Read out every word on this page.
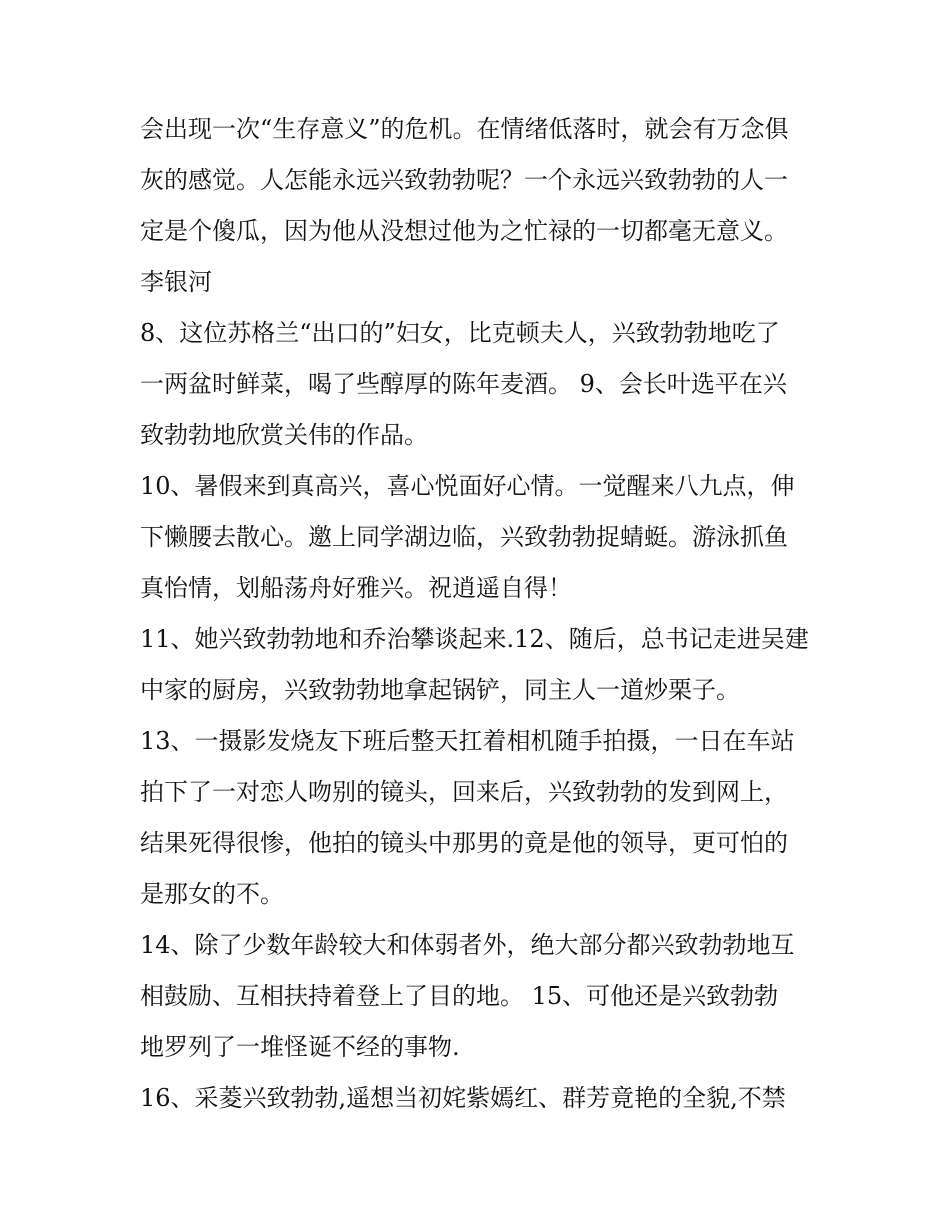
会出现一次“生存意义”的危机。在情绪低落时，就会有万念俱
灰的感觉。人怎能永远兴致勃勃呢？一个永远兴致勃勃的人一
定是个傻瓜，因为他从没想过他为之忙禄的一切都毫无意义。
李银河
8、这位苏格兰“出口的”妇女，比克顿夫人，兴致勃勃地吃了
一两盆时鲜菜，喝了些醇厚的陈年麦酒。 9、会长叶选平在兴
致勃勃地欣赏关伟的作品。
10、暑假来到真高兴，喜心悦面好心情。一觉醒来八九点，伸
下懒腰去散心。邀上同学湖边临，兴致勃勃捉蜻蜓。游泳抓鱼
真怡情，划船荡舟好雅兴。祝逍遥自得！
11、她兴致勃勃地和乔治攀谈起来.12、随后，总书记走进吴建
中家的厨房，兴致勃勃地拿起锅铲，同主人一道炒栗子。
13、一摄影发烧友下班后整天扛着相机随手拍摄，一日在车站
拍下了一对恋人吻别的镜头，回来后，兴致勃勃的发到网上，
结果死得很惨，他拍的镜头中那男的竟是他的领导，更可怕的
是那女的不。
14、除了少数年龄较大和体弱者外，绝大部分都兴致勃勃地互
相鼓励、互相扶持着登上了目的地。 15、可他还是兴致勃勃
地罗列了一堆怪诞不经的事物.
16、采菱兴致勃勃,遥想当初姹紫嫣红、群芳竟艳的全貌,不禁
